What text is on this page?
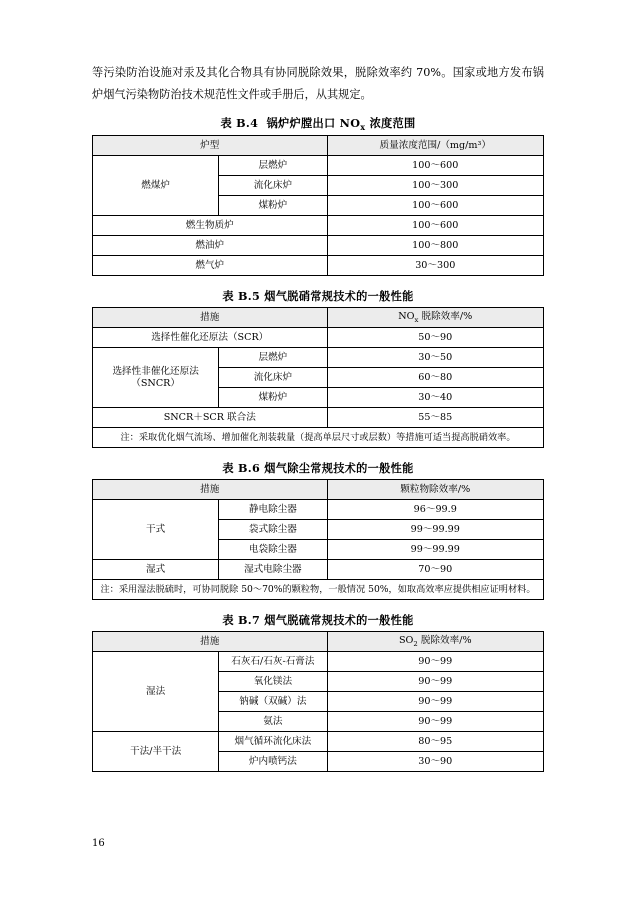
等污染防治设施对汞及其化合物具有协同脱除效果，脱除效率约 70%。国家或地方发布锅炉烟气污染物防治技术规范性文件或手册后，从其规定。

表 B.4 锅炉炉膛出口 $NO_x$ 浓度范围
炉型		质量浓度范围/（mg/m³）
燃煤炉	层燃炉	100～600
	流化床炉	100～300
	煤粉炉	100～600
燃生物质炉		100～600
燃油炉		100～800
燃气炉		30～300
表 B.5 烟气脱硝常规技术的一般性能
措施		$NO_x$ 脱除效率/%
选择性催化还原法（SCR）		50～90
选择性非催化还原法
（SNCR）	层燃炉	30～50
	流化床炉	60～80
	煤粉炉	30～40
SNCR＋SCR 联合法		55～85
注：采取优化烟气流场、增加催化剂装载量（提高单层尺寸或层数）等措施可适当提高脱硝效率。		
表 B.6 烟气除尘常规技术的一般性能
措施		颗粒物除效率/%
干式	静电除尘器	96～99.9
	袋式除尘器	99～99.99
	电袋除尘器	99～99.99
湿式	湿式电除尘器	70～90
注：采用湿法脱硫时，可协同脱除 50～70%的颗粒物，一般情况 50%，如取高效率应提供相应证明材料。		
表 B.7 烟气脱硫常规技术的一般性能
措施		$SO_2$ 脱除效率/%
湿法	石灰石/石灰-石膏法	90～99
	氧化镁法	90～99
	钠碱（双碱）法	90～99
	氨法	90～99
干法/半干法	烟气循环流化床法	80～95
	炉内喷钙法	30～90
16
